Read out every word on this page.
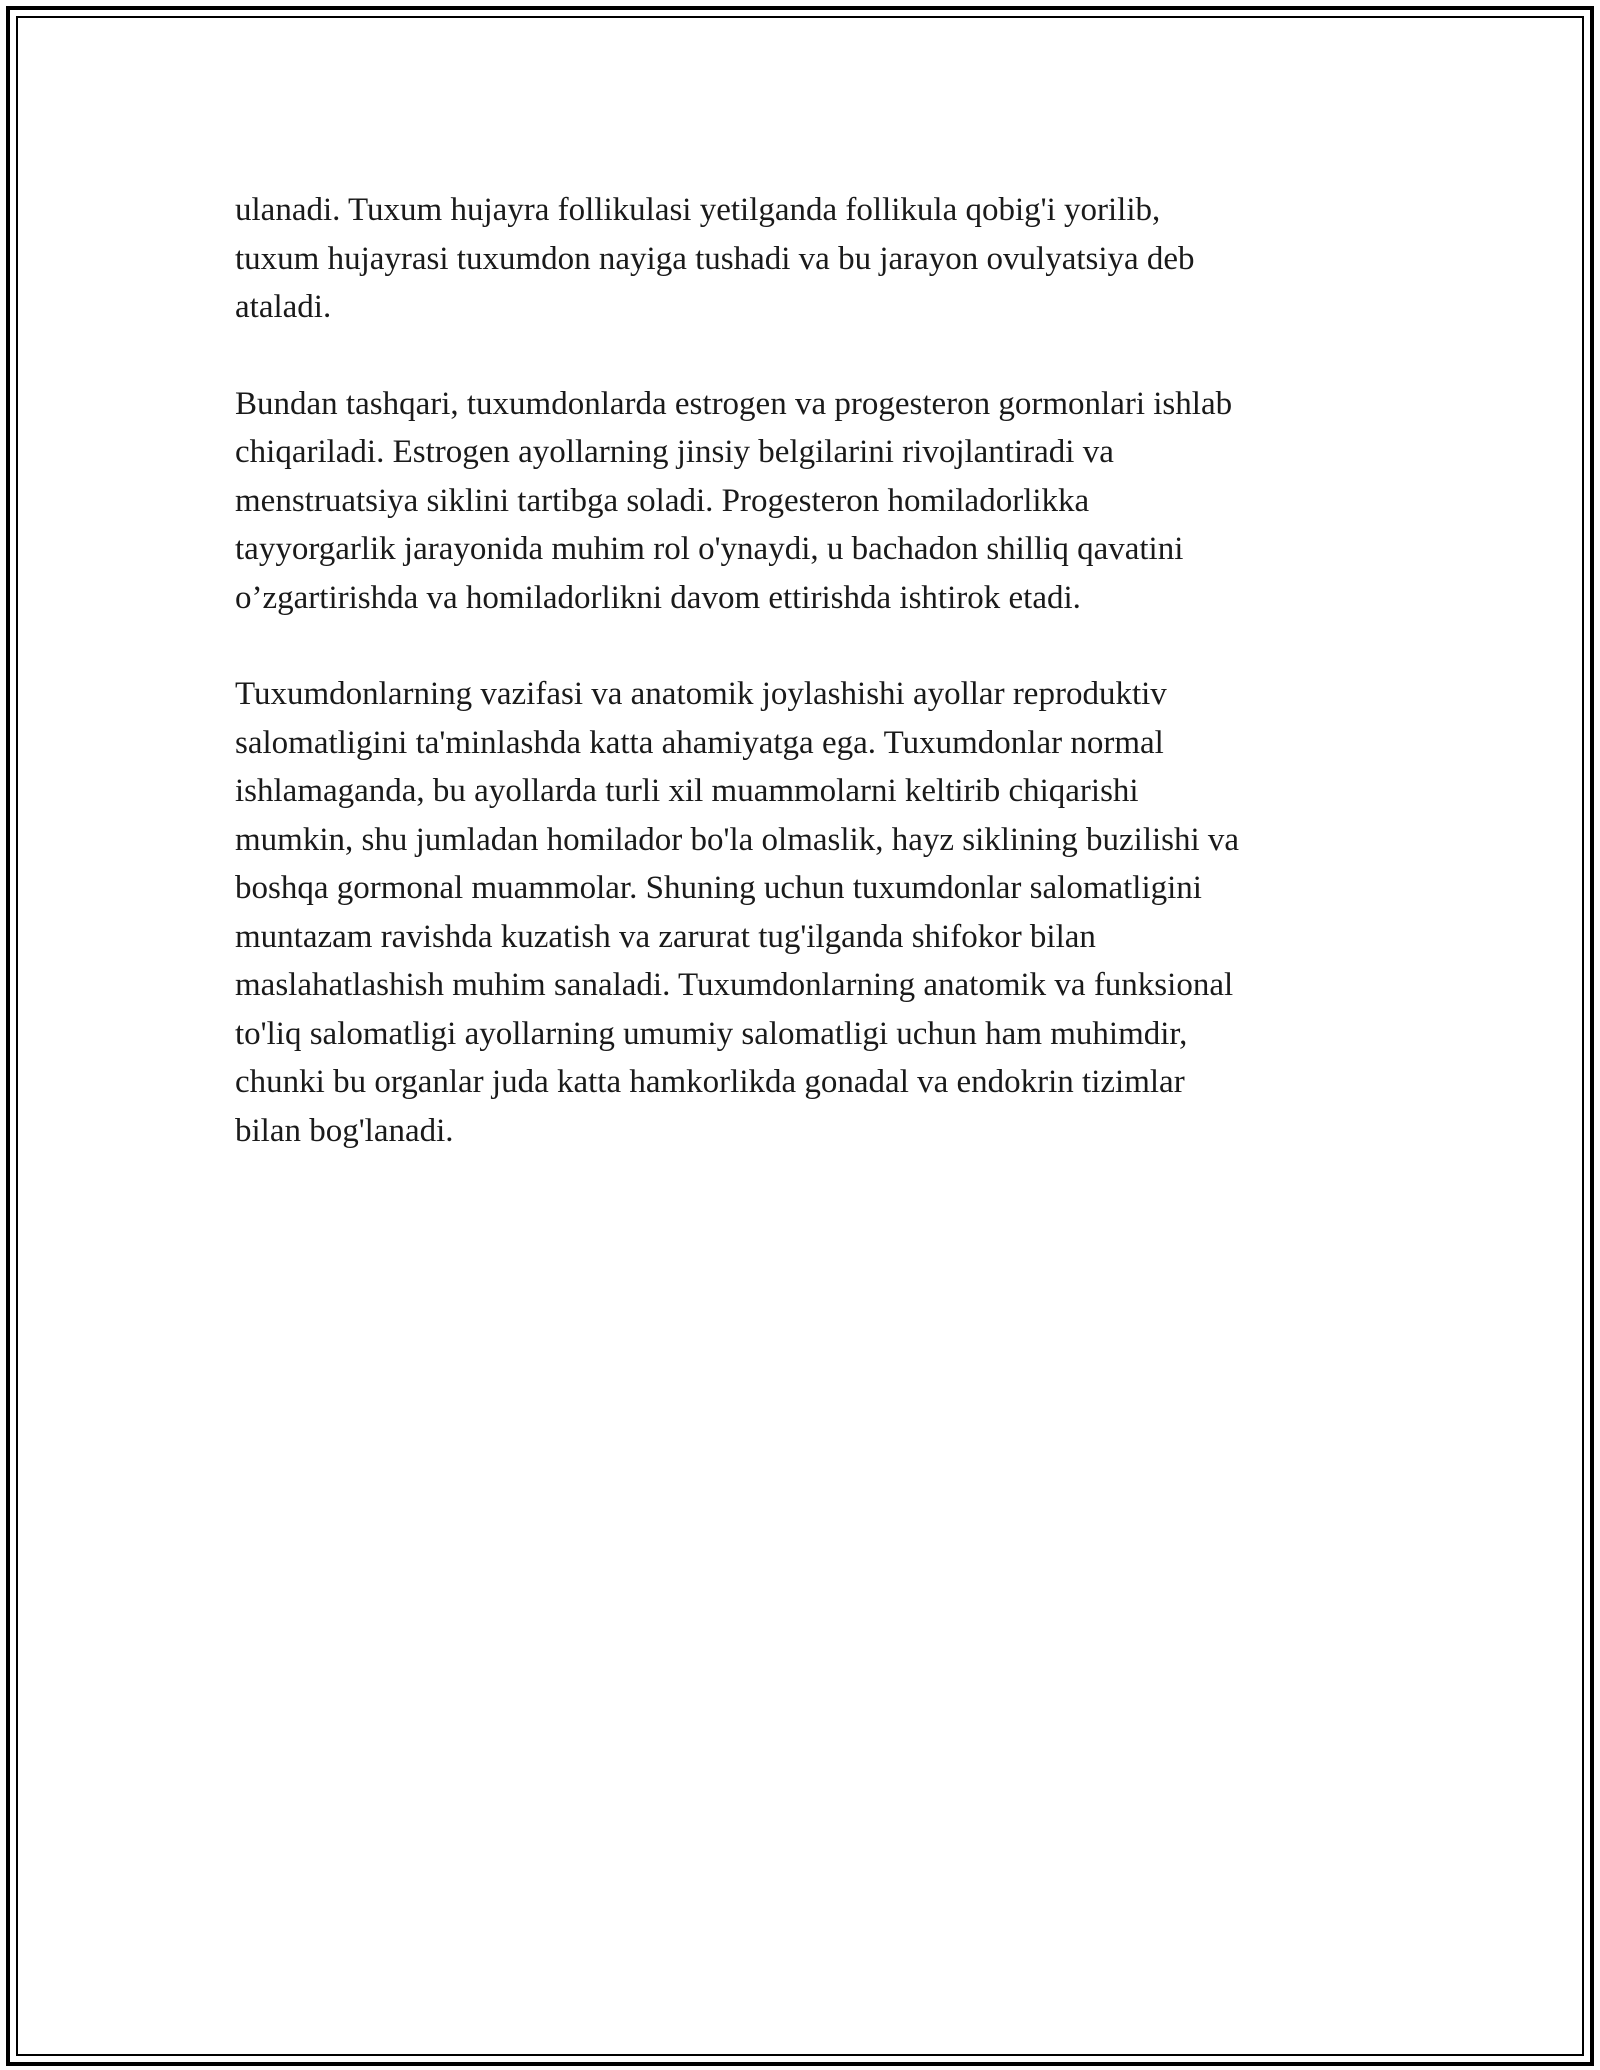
ulanadi. Tuxum hujayra follikulasi yetilganda follikula qobig'i yorilib,
tuxum hujayrasi tuxumdon nayiga tushadi va bu jarayon ovulyatsiya deb
ataladi.

Bundan tashqari, tuxumdonlarda estrogen va progesteron gormonlari ishlab
chiqariladi. Estrogen ayollarning jinsiy belgilarini rivojlantiradi va
menstruatsiya siklini tartibga soladi. Progesteron homiladorlikka
tayyorgarlik jarayonida muhim rol o'ynaydi, u bachadon shilliq qavatini
o’zgartirishda va homiladorlikni davom ettirishda ishtirok etadi.

Tuxumdonlarning vazifasi va anatomik joylashishi ayollar reproduktiv
salomatligini ta'minlashda katta ahamiyatga ega. Tuxumdonlar normal
ishlamaganda, bu ayollarda turli xil muammolarni keltirib chiqarishi
mumkin, shu jumladan homilador bo'la olmaslik, hayz siklining buzilishi va
boshqa gormonal muammolar. Shuning uchun tuxumdonlar salomatligini
muntazam ravishda kuzatish va zarurat tug'ilganda shifokor bilan
maslahatlashish muhim sanaladi. Tuxumdonlarning anatomik va funksional
to'liq salomatligi ayollarning umumiy salomatligi uchun ham muhimdir,
chunki bu organlar juda katta hamkorlikda gonadal va endokrin tizimlar
bilan bog'lanadi.
